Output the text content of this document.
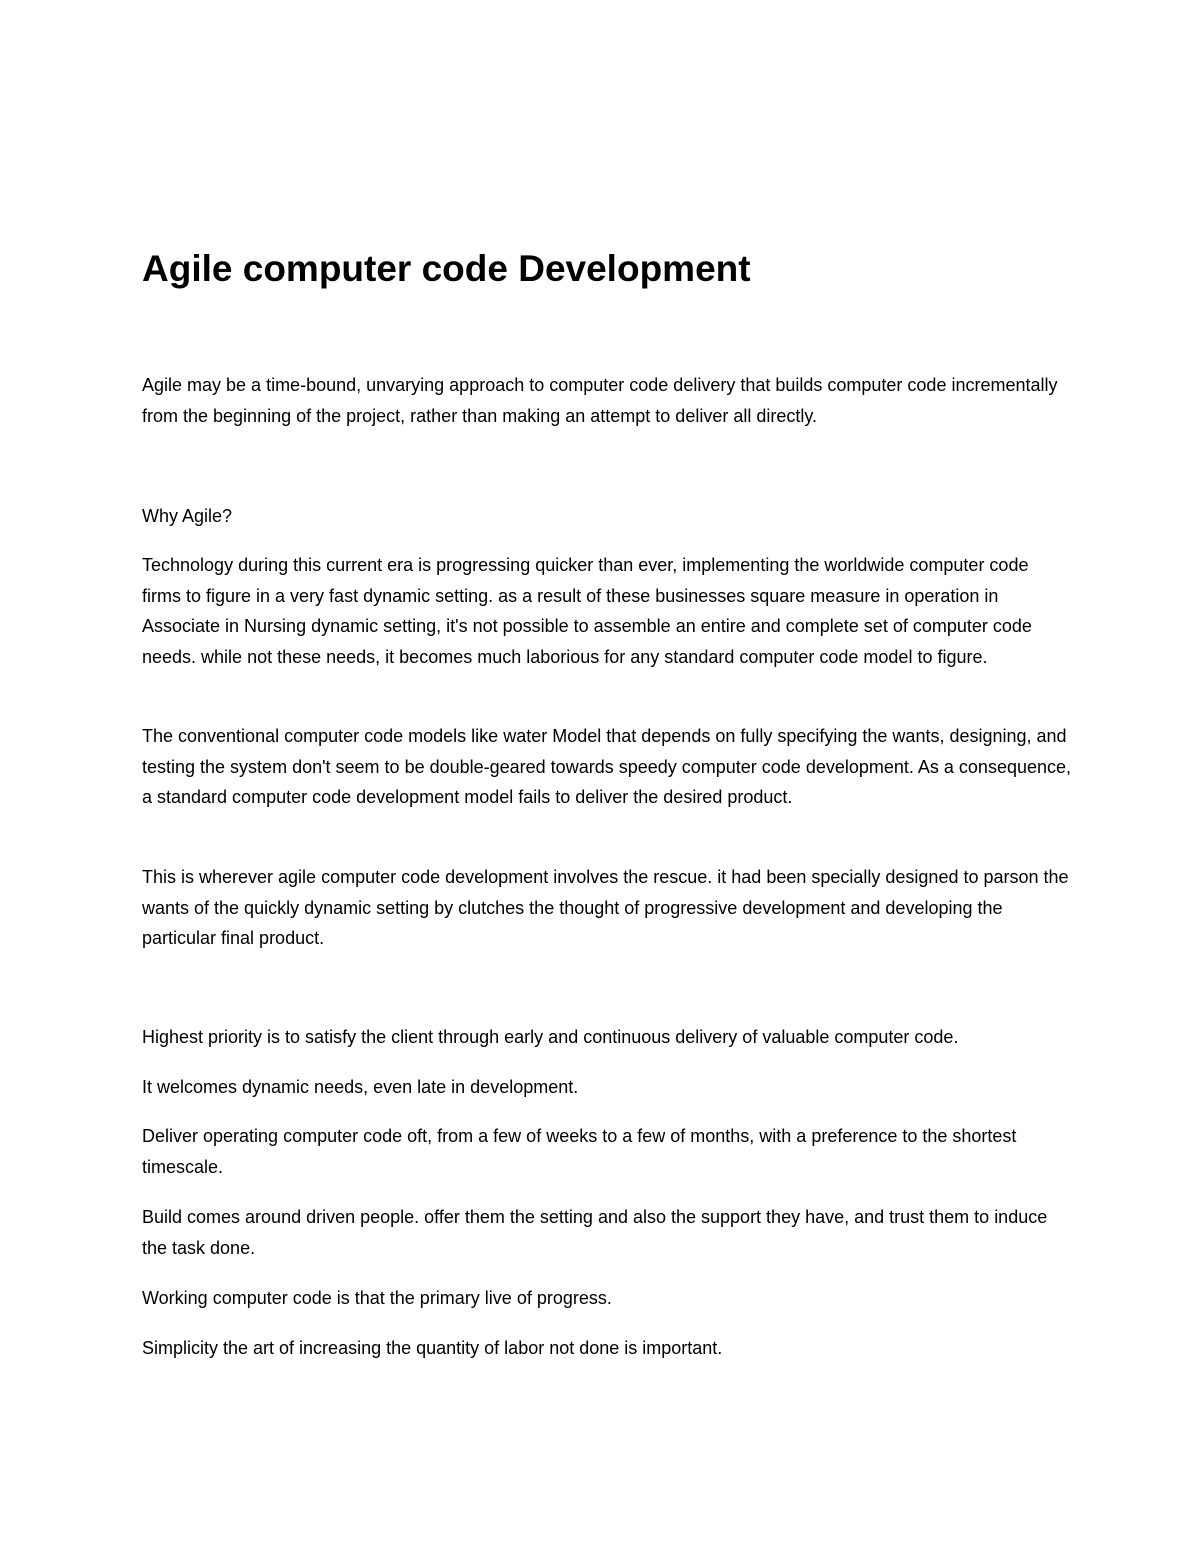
Agile computer code Development

Agile may be a time-bound, unvarying approach to computer code delivery that builds computer code incrementally from the beginning of the project, rather than making an attempt to deliver all directly.

Why Agile?

Technology during this current era is progressing quicker than ever, implementing the worldwide computer code firms to figure in a very fast dynamic setting. as a result of these businesses square measure in operation in Associate in Nursing dynamic setting, it's not possible to assemble an entire and complete set of computer code needs. while not these needs, it becomes much laborious for any standard computer code model to figure.

The conventional computer code models like water Model that depends on fully specifying the wants, designing, and testing the system don't seem to be double-geared towards speedy computer code development. As a consequence, a standard computer code development model fails to deliver the desired product.

This is wherever agile computer code development involves the rescue. it had been specially designed to parson the wants of the quickly dynamic setting by clutches the thought of progressive development and developing the particular final product.

Highest priority is to satisfy the client through early and continuous delivery of valuable computer code.

It welcomes dynamic needs, even late in development.

Deliver operating computer code oft, from a few of weeks to a few of months, with a preference to the shortest timescale.

Build comes around driven people. offer them the setting and also the support they have, and trust them to induce the task done.

Working computer code is that the primary live of progress.

Simplicity the art of increasing the quantity of labor not done is important.
